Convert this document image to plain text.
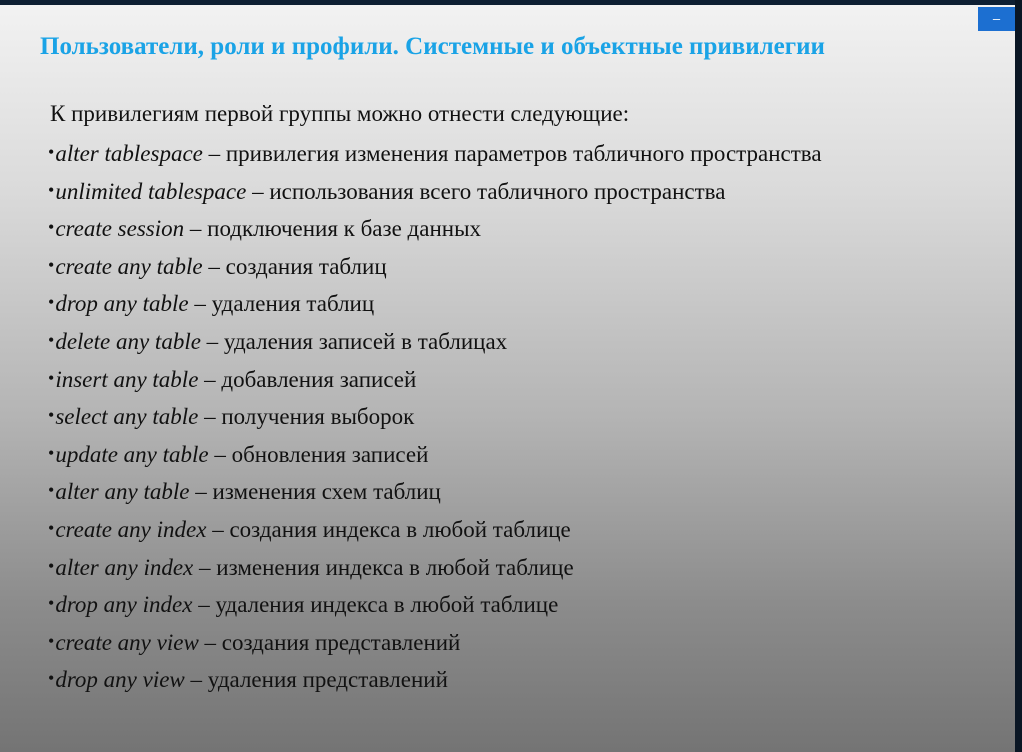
Пользователи, роли и профили. Системные и объектные привилегии

К привилегиям первой группы можно отнести следующие:

•alter tablespace – привилегия изменения параметров табличного пространства
•unlimited tablespace – использования всего табличного пространства
•create session – подключения к базе данных
•create any table – создания таблиц
•drop any table – удаления таблиц
•delete any table – удаления записей в таблицах
•insert any table – добавления записей
•select any table – получения выборок
•update any table – обновления записей
•alter any table – изменения схем таблиц
•create any index – создания индекса в любой таблице
•alter any index – изменения индекса в любой таблице
•drop any index – удаления индекса в любой таблице
•create any view – создания представлений
•drop any view – удаления представлений
–
